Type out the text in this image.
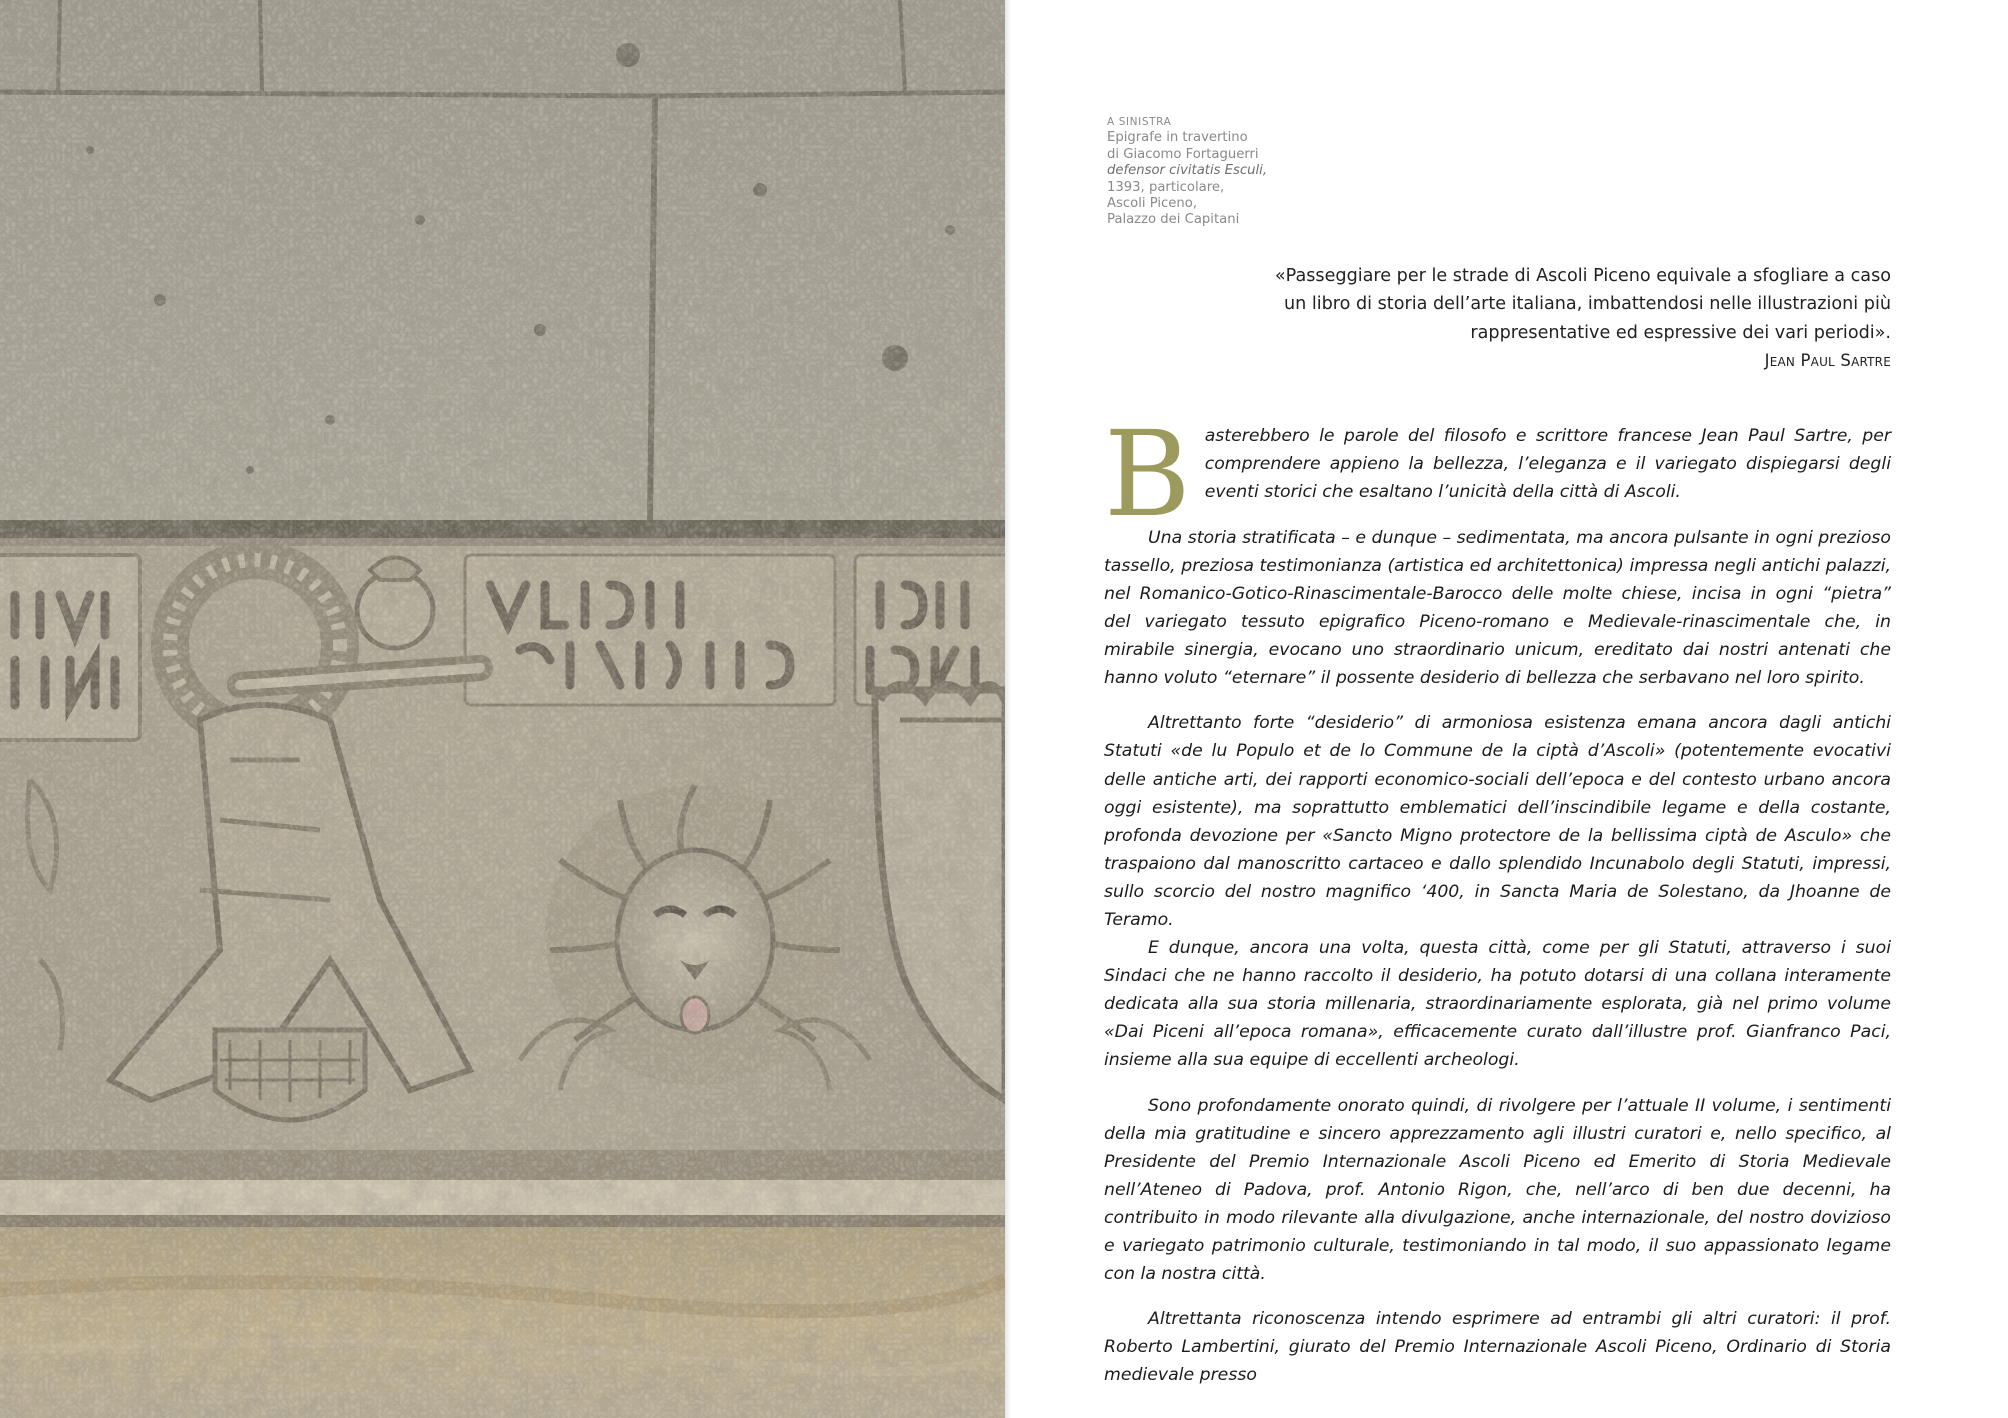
A SINISTRA
Epigrafe in travertino
di Giacomo Fortaguerri
defensor civitatis Esculi,
1393, particolare,
Ascoli Piceno,
Palazzo dei Capitani
«Passeggiare per le strade di Ascoli Piceno equivale a sfogliare a caso un libro di storia dell’arte italiana, imbattendosi nelle illustrazioni più rappresentative ed espressive dei vari periodi».
Jean Paul Sartre

B asterebbero le parole del filosofo e scrittore francese Jean Paul Sartre, per comprendere appieno la bellezza, l’eleganza e il variegato dispiegarsi degli eventi storici che esaltano l’unicità della città di Ascoli.

Una storia stratificata – e dunque – sedimentata, ma ancora pulsante in ogni prezioso tassello, preziosa testimonianza (artistica ed architettonica) impressa negli antichi palazzi, nel Romanico-Gotico-Rinascimentale-Barocco delle molte chiese, incisa in ogni “pietra” del variegato tessuto epigrafico Piceno-romano e Medievale-rinascimentale che, in mirabile sinergia, evocano uno straordinario unicum, ereditato dai nostri antenati che hanno voluto “eternare” il possente desiderio di bellezza che serbavano nel loro spirito.

Altrettanto forte “desiderio” di armoniosa esistenza emana ancora dagli antichi Statuti «de lu Populo et de lo Commune de la ciptà d’Ascoli» (potentemente evocativi delle antiche arti, dei rapporti economico-sociali dell’epoca e del contesto urbano ancora oggi esistente), ma soprattutto emblematici dell’inscindibile legame e della costante, profonda devozione per «Sancto Migno protectore de la bellissima ciptà de Asculo» che traspaiono dal manoscritto cartaceo e dallo splendido Incunabolo degli Statuti, impressi, sullo scorcio del nostro magnifico ‘400, in Sancta Maria de Solestano, da Jhoanne de Teramo.

E dunque, ancora una volta, questa città, come per gli Statuti, attraverso i suoi Sindaci che ne hanno raccolto il desiderio, ha potuto dotarsi di una collana interamente dedicata alla sua storia millenaria, straordinariamente esplorata, già nel primo volume «Dai Piceni all’epoca romana», efficacemente curato dall’illustre prof. Gianfranco Paci, insieme alla sua equipe di eccellenti archeologi.

Sono profondamente onorato quindi, di rivolgere per l’attuale II volume, i sentimenti della mia gratitudine e sincero apprezzamento agli illustri curatori e, nello specifico, al Presidente del Premio Internazionale Ascoli Piceno ed Emerito di Storia Medievale nell’Ateneo di Padova, prof. Antonio Rigon, che, nell’arco di ben due decenni, ha contribuito in modo rilevante alla divulgazione, anche internazionale, del nostro dovizioso e variegato patrimonio culturale, testimoniando in tal modo, il suo appassionato legame con la nostra città.

Altrettanta riconoscenza intendo esprimere ad entrambi gli altri curatori: il prof. Roberto Lambertini, giurato del Premio Internazionale Ascoli Piceno, Ordinario di Storia medievale presso
